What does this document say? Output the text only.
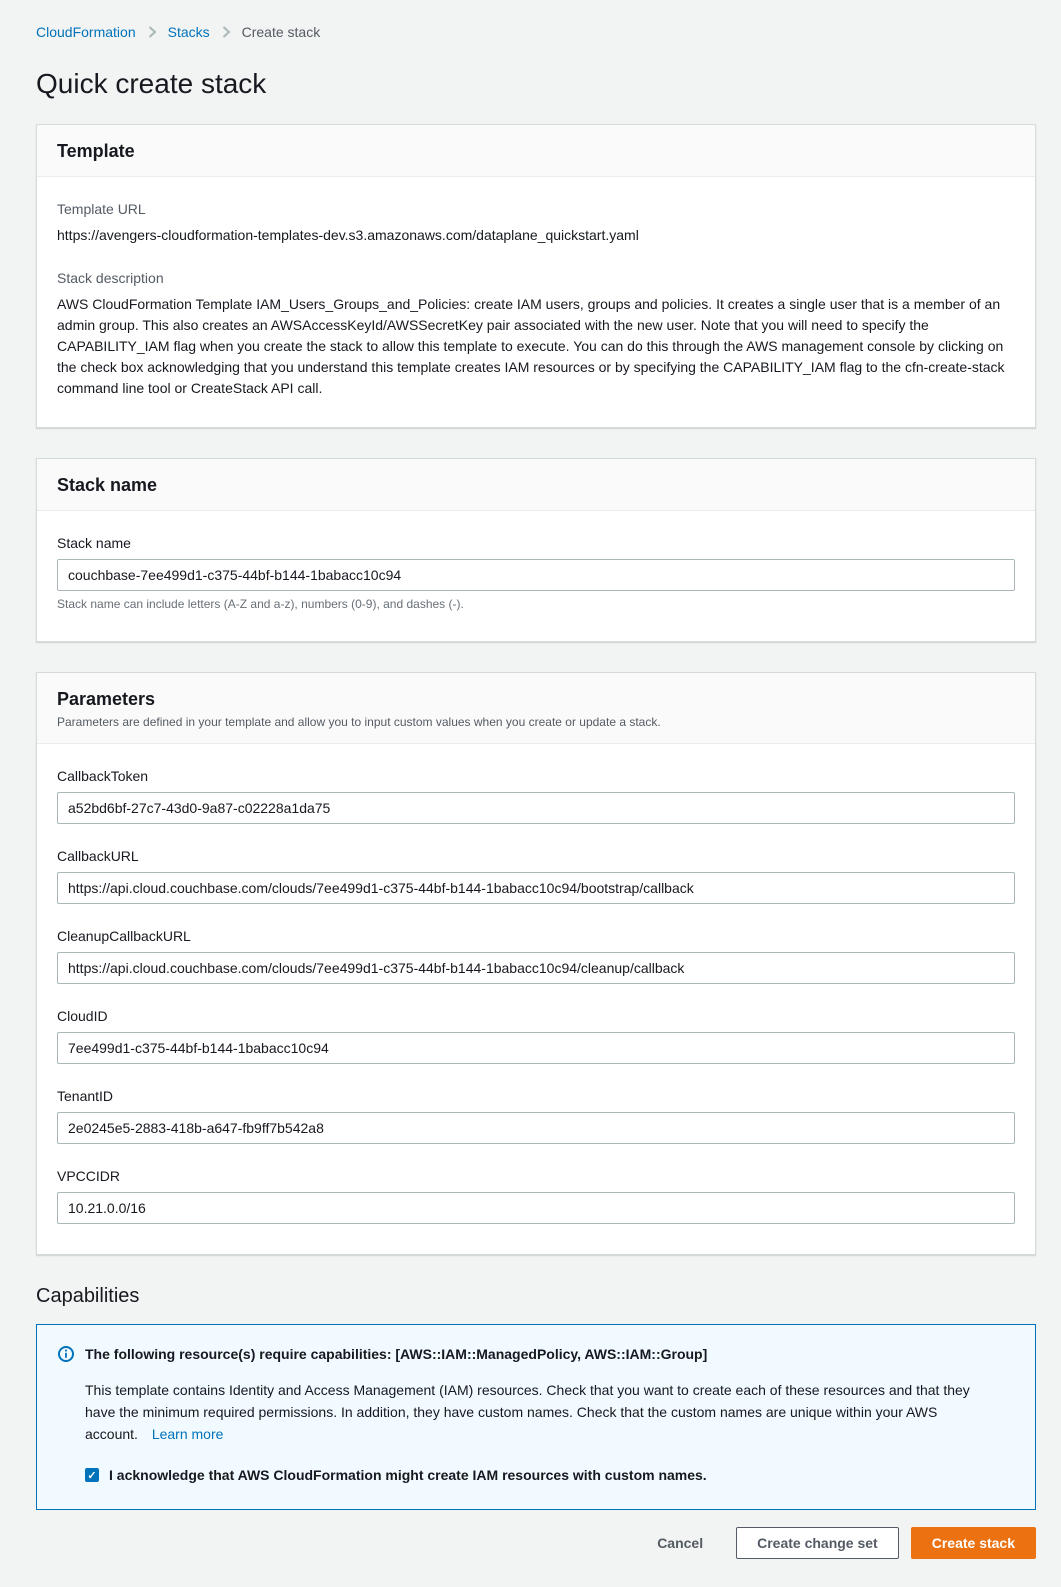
CloudFormation Stacks Create stack
Quick create stack
Template

Template URL

https://avengers-cloudformation-templates-dev.s3.amazonaws.com/dataplane_quickstart.yaml

Stack description

AWS CloudFormation Template IAM_Users_Groups_and_Policies: create IAM users, groups and policies. It creates a single user that is a member of an admin group. This also creates an AWSAccessKeyId/AWSSecretKey pair associated with the new user. Note that you will need to specify the CAPABILITY_IAM flag when you create the stack to allow this template to execute. You can do this through the AWS management console by clicking on the check box acknowledging that you understand this template creates IAM resources or by specifying the CAPABILITY_IAM flag to the cfn-create-stack command line tool or CreateStack API call.

Stack name
Stack name
couchbase-7ee499d1-c375-44bf-b144-1babacc10c94
Stack name can include letters (A-Z and a-z), numbers (0-9), and dashes (-).
Parameters

Parameters are defined in your template and allow you to input custom values when you create or update a stack.

CallbackToken
a52bd6bf-27c7-43d0-9a87-c02228a1da75
CallbackURL
https://api.cloud.couchbase.com/clouds/7ee499d1-c375-44bf-b144-1babacc10c94/bootstrap/callback
CleanupCallbackURL
https://api.cloud.couchbase.com/clouds/7ee499d1-c375-44bf-b144-1babacc10c94/cleanup/callback
CloudID
7ee499d1-c375-44bf-b144-1babacc10c94
TenantID
2e0245e5-2883-418b-a647-fb9ff7b542a8
VPCCIDR
10.21.0.0/16
Capabilities
The following resource(s) require capabilities: [AWS::IAM::ManagedPolicy, AWS::IAM::Group]

This template contains Identity and Access Management (IAM) resources. Check that you want to create each of these resources and that they have the minimum required permissions. In addition, they have custom names. Check that the custom names are unique within your AWS account. Learn more

✓ I acknowledge that AWS CloudFormation might create IAM resources with custom names.
Cancel	Create change set	Create stack
